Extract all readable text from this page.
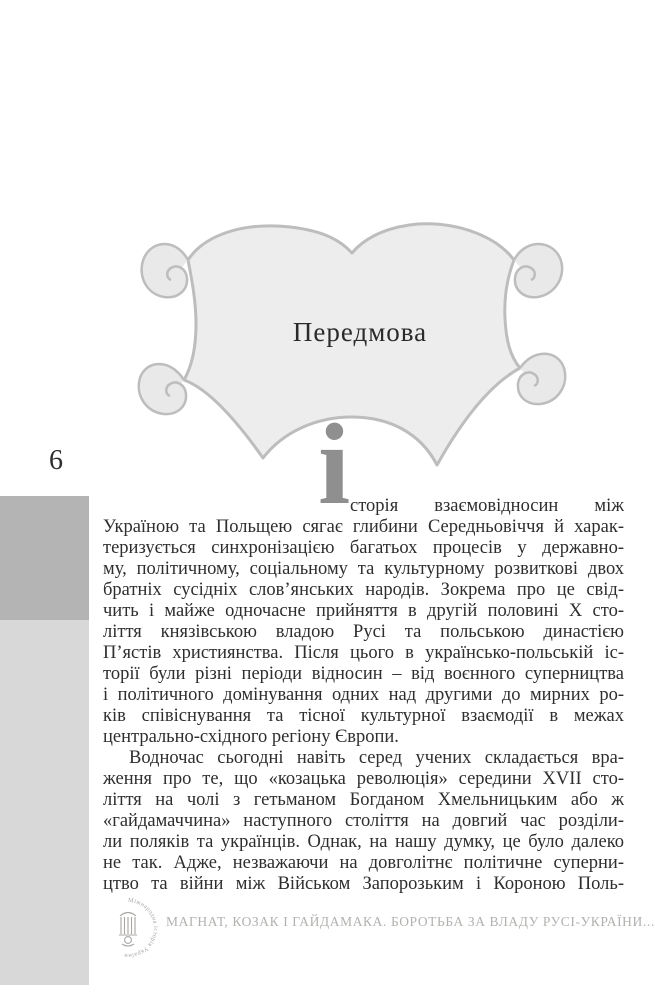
6
Передмова
і сторія взаємовідносин між
Україною та Польщею сягає глибини Середньовіччя й харак-
теризується синхронізацією багатьох процесів у державно-
му, політичному, соціальному та культурному розвиткові двох
братніх сусідніх слов’янських народів. Зокрема про це свід-
чить і майже одночасне прийняття в другій половині X сто-
ліття князівською владою Русі та польською династією
П’ястів християнства. Після цього в українсько-польській іс-
торії були різні періоди відносин – від воєнного суперництва
і політичного домінування одних над другими до мирних ро-
ків співіснування та тісної культурної взаємодії в межах
центрально-східного регіону Європи.
Водночас сьогодні навіть серед учених складається вра-
ження про те, що «козацька революція» середини XVII сто-
ліття на чолі з гетьманом Богданом Хмельницьким або ж
«гайдамаччина» наступного століття на довгий час розділи-
ли поляків та українців. Однак, на нашу думку, це було далеко
не так. Адже, незважаючи на довголітнє політичне суперни-
цтво та війни між Військом Запорозьким і Короною Поль-
Міжнародна історія України
МАГНАТ, КОЗАК І ГАЙДАМАКА. БОРОТЬБА ЗА ВЛАДУ РУСІ-УКРАЇНИ...
